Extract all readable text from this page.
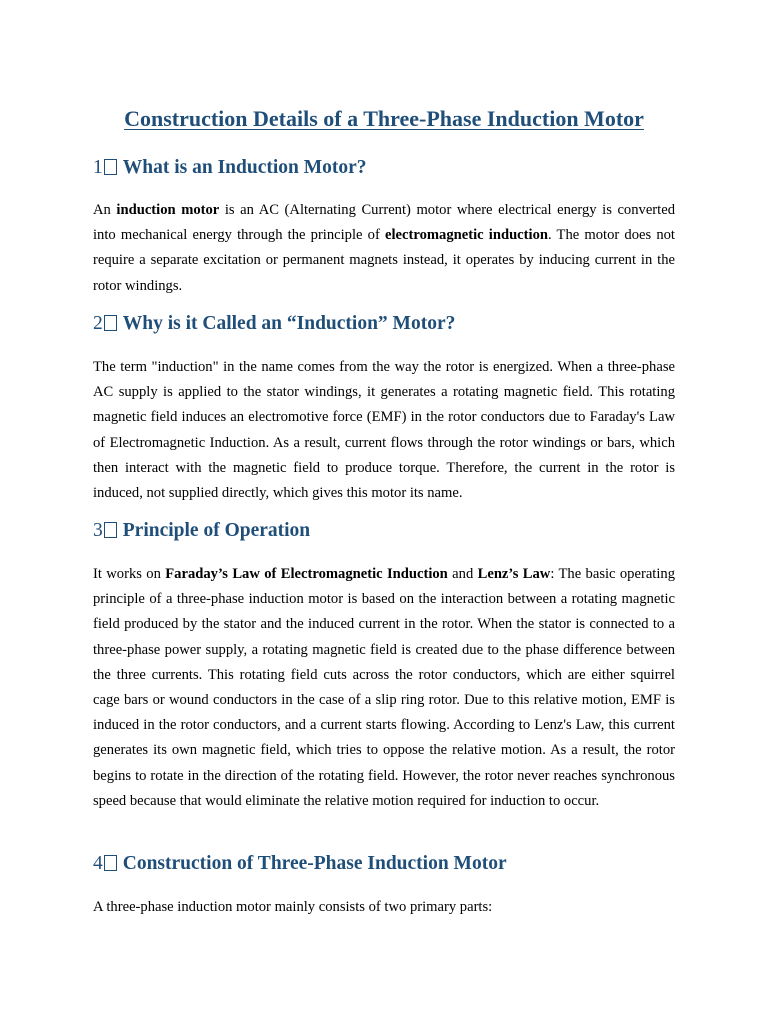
Construction Details of a Three-Phase Induction Motor
1 What is an Induction Motor?

An induction motor is an AC (Alternating Current) motor where electrical energy is converted into mechanical energy through the principle of electromagnetic induction. The motor does not require a separate excitation or permanent magnets instead, it operates by inducing current in the rotor windings.

2 Why is it Called an “Induction” Motor?

The term "induction" in the name comes from the way the rotor is energized. When a three-phase AC supply is applied to the stator windings, it generates a rotating magnetic field. This rotating magnetic field induces an electromotive force (EMF) in the rotor conductors due to Faraday's Law of Electromagnetic Induction. As a result, current flows through the rotor windings or bars, which then interact with the magnetic field to produce torque. Therefore, the current in the rotor is induced, not supplied directly, which gives this motor its name.

3 Principle of Operation

It works on Faraday’s Law of Electromagnetic Induction and Lenz’s Law: The basic operating principle of a three-phase induction motor is based on the interaction between a rotating magnetic field produced by the stator and the induced current in the rotor. When the stator is connected to a three-phase power supply, a rotating magnetic field is created due to the phase difference between the three currents. This rotating field cuts across the rotor conductors, which are either squirrel cage bars or wound conductors in the case of a slip ring rotor. Due to this relative motion, EMF is induced in the rotor conductors, and a current starts flowing. According to Lenz's Law, this current generates its own magnetic field, which tries to oppose the relative motion. As a result, the rotor begins to rotate in the direction of the rotating field. However, the rotor never reaches synchronous speed because that would eliminate the relative motion required for induction to occur.

4 Construction of Three-Phase Induction Motor

A three-phase induction motor mainly consists of two primary parts:
